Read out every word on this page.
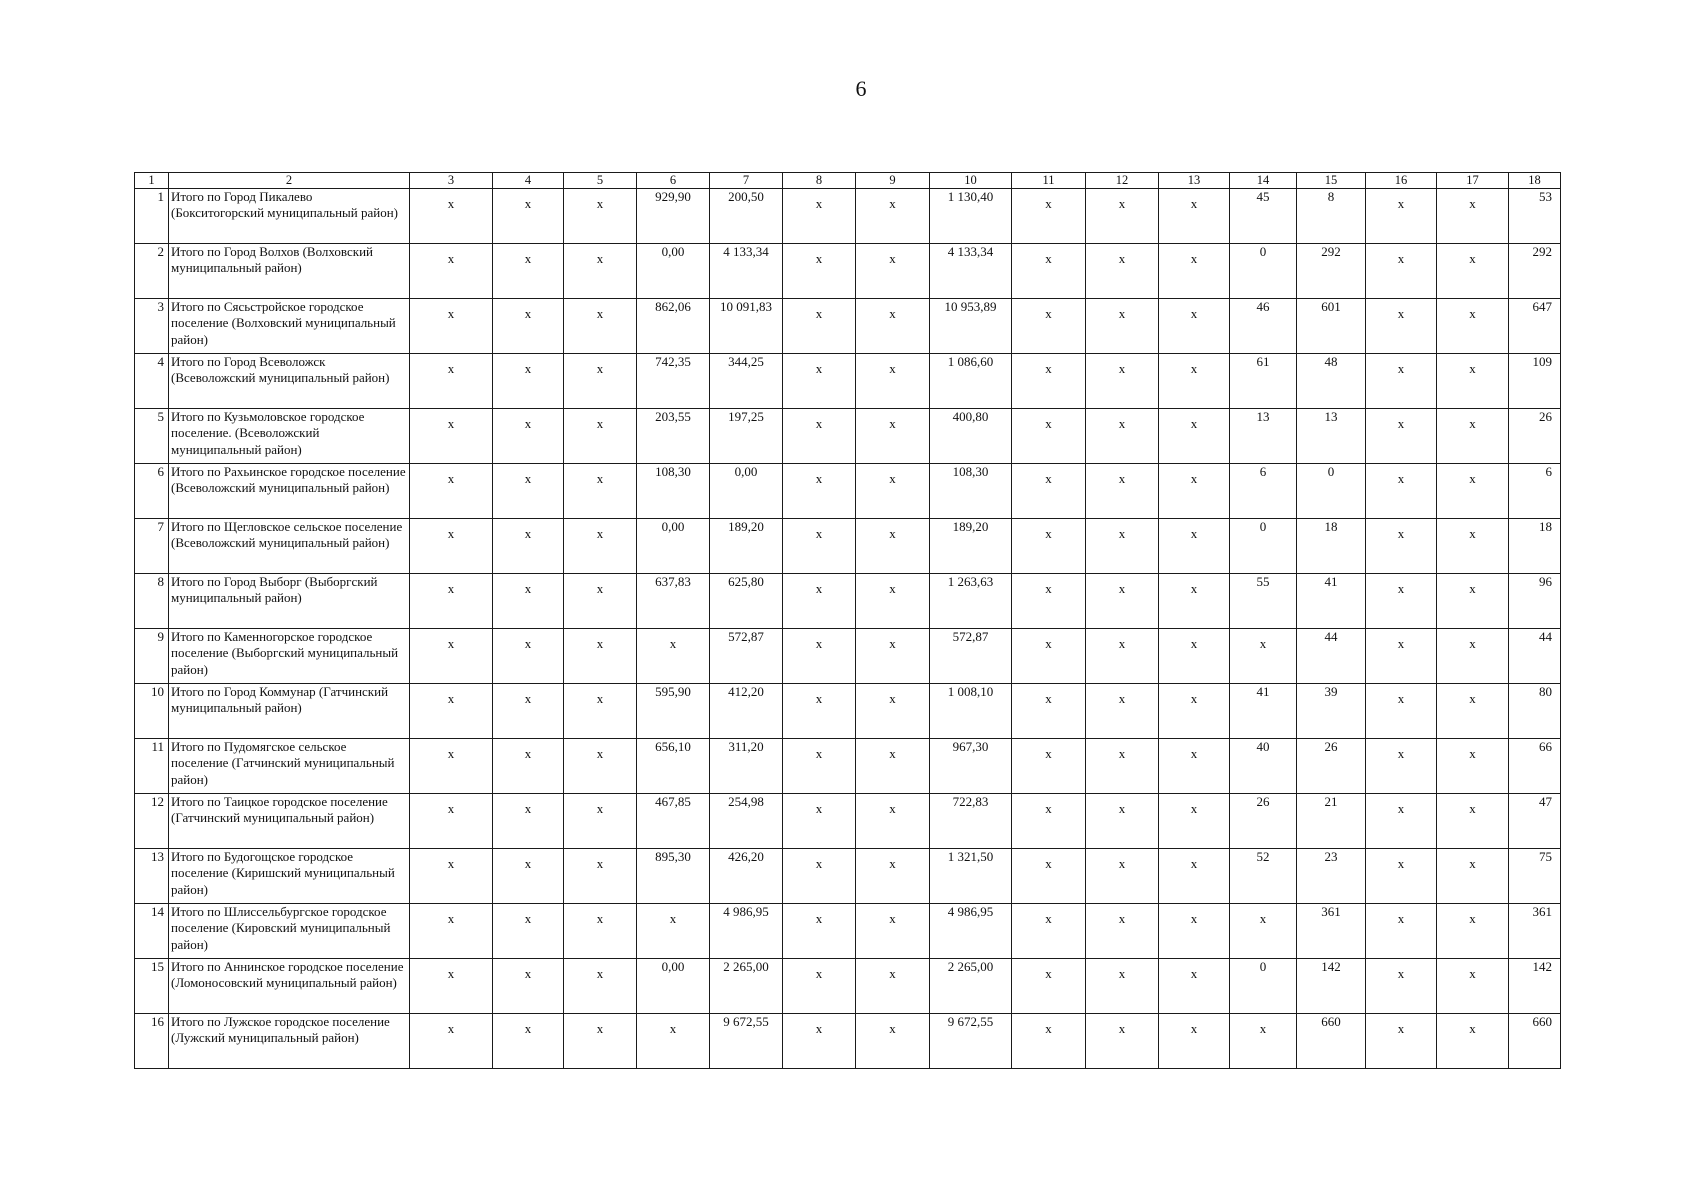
6
1	2	3	4	5	6	7	8	9	10	11	12	13	14	15	16	17	18
1	Итого по Город Пикалево (Бокситогорский муниципальный район)	x	x	x	929,90	200,50	x	x	1 130,40	x	x	x	45	8	x	x	53
2	Итого по Город Волхов (Волховский муниципальный район)	x	x	x	0,00	4 133,34	x	x	4 133,34	x	x	x	0	292	x	x	292
3	Итого по Сясьстройское городское поселение (Волховский муниципальный район)	x	x	x	862,06	10 091,83	x	x	10 953,89	x	x	x	46	601	x	x	647
4	Итого по Город Всеволожск (Всеволожский муниципальный район)	x	x	x	742,35	344,25	x	x	1 086,60	x	x	x	61	48	x	x	109
5	Итого по Кузьмоловское городское поселение. (Всеволожский муниципальный район)	x	x	x	203,55	197,25	x	x	400,80	x	x	x	13	13	x	x	26
6	Итого по Рахьинское городское поселение (Всеволожский муниципальный район)	x	x	x	108,30	0,00	x	x	108,30	x	x	x	6	0	x	x	6
7	Итого по Щегловское сельское поселение (Всеволожский муниципальный район)	x	x	x	0,00	189,20	x	x	189,20	x	x	x	0	18	x	x	18
8	Итого по Город Выборг (Выборгский муниципальный район)	x	x	x	637,83	625,80	x	x	1 263,63	x	x	x	55	41	x	x	96
9	Итого по Каменногорское городское поселение (Выборгский муниципальный район)	x	x	x	x	572,87	x	x	572,87	x	x	x	x	44	x	x	44
10	Итого по Город Коммунар (Гатчинский муниципальный район)	x	x	x	595,90	412,20	x	x	1 008,10	x	x	x	41	39	x	x	80
11	Итого по Пудомягское сельское поселение (Гатчинский муниципальный район)	x	x	x	656,10	311,20	x	x	967,30	x	x	x	40	26	x	x	66
12	Итого по Таицкое городское поселение (Гатчинский муниципальный район)	x	x	x	467,85	254,98	x	x	722,83	x	x	x	26	21	x	x	47
13	Итого по Будогощское городское поселение (Киришский муниципальный район)	x	x	x	895,30	426,20	x	x	1 321,50	x	x	x	52	23	x	x	75
14	Итого по Шлиссельбургское городское поселение (Кировский муниципальный район)	x	x	x	x	4 986,95	x	x	4 986,95	x	x	x	x	361	x	x	361
15	Итого по Аннинское городское поселение (Ломоносовский муниципальный район)	x	x	x	0,00	2 265,00	x	x	2 265,00	x	x	x	0	142	x	x	142
16	Итого по Лужское городское поселение (Лужский муниципальный район)	x	x	x	x	9 672,55	x	x	9 672,55	x	x	x	x	660	x	x	660
